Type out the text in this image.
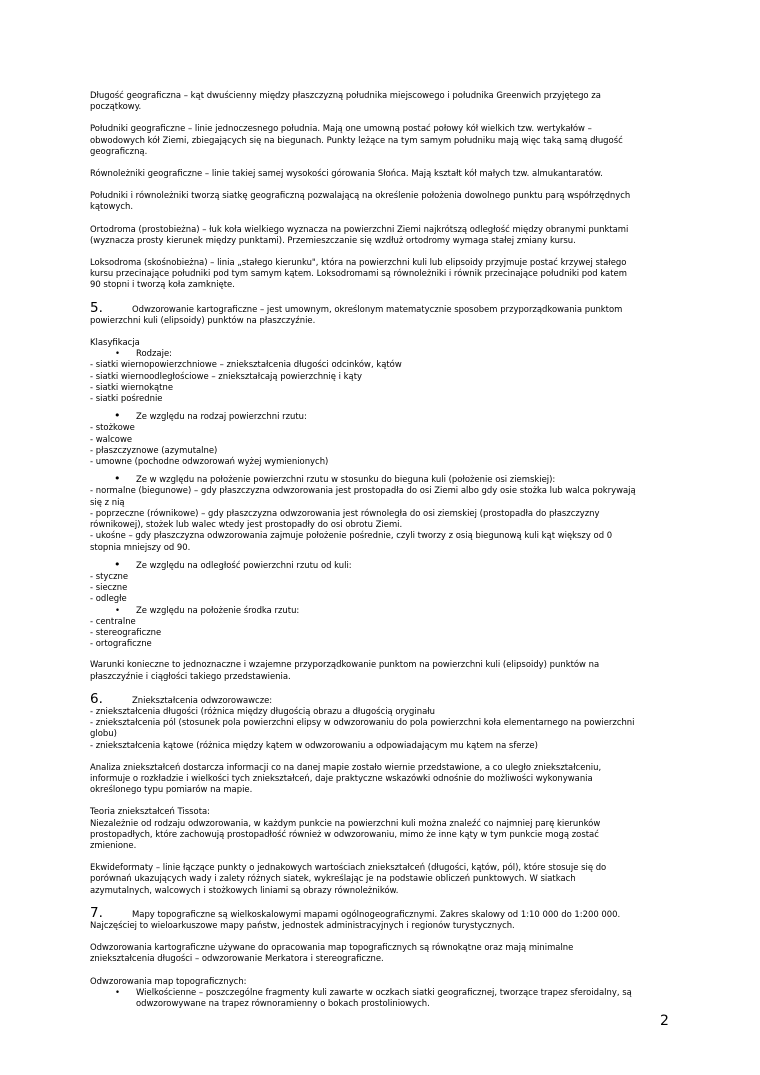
Długość geograficzna – kąt dwuścienny między płaszczyzną południka miejscowego i południka Greenwich przyjętego za
początkowy.
Południki geograficzne – linie jednoczesnego południa. Mają one umowną postać połowy kół wielkich tzw. wertykałów –
obwodowych kół Ziemi, zbiegających się na biegunach. Punkty leżące na tym samym południku mają więc taką samą długość
geograficzną.
Równoleżniki geograficzne – linie takiej samej wysokości górowania Słońca. Mają kształt kół małych tzw. almukantaratów.
Południki i równoleżniki tworzą siatkę geograficzną pozwalającą na określenie położenia dowolnego punktu parą współrzędnych
kątowych.
Ortodroma (prostobieżna) – łuk koła wielkiego wyznacza na powierzchni Ziemi najkrótszą odległość między obranymi punktami
(wyznacza prosty kierunek między punktami). Przemieszczanie się wzdłuż ortodromy wymaga stałej zmiany kursu.
Loksodroma (skośnobieżna) – linia „stałego kierunku", która na powierzchni kuli lub elipsoidy przyjmuje postać krzywej stałego
kursu przecinające południki pod tym samym kątem. Loksodromami są równoleżniki i równik przecinające południki pod katem
90 stopni i tworzą koła zamknięte.
5.	Odwzorowanie kartograficzne – jest umownym, określonym matematycznie sposobem przyporządkowania punktom
powierzchni kuli (elipsoidy) punktów na płaszczyźnie.
Klasyfikacja
• Rodzaje:
- siatki wiernopowierzchniowe – zniekształcenia długości odcinków, kątów
- siatki wiernoodległościowe – zniekształcają powierzchnię i kąty
- siatki wiernokątne
- siatki pośrednie
• Ze względu na rodzaj powierzchni rzutu:
- stożkowe
- walcowe
- płaszczyznowe (azymutalne)
- umowne (pochodne odwzorowań wyżej wymienionych)
• Ze w względu na położenie powierzchni rzutu w stosunku do bieguna kuli (położenie osi ziemskiej):
- normalne (biegunowe) – gdy płaszczyzna odwzorowania jest prostopadła do osi Ziemi albo gdy osie stożka lub walca pokrywają
się z nią
- poprzeczne (równikowe) – gdy płaszczyzna odwzorowania jest równoległa do osi ziemskiej (prostopadła do płaszczyzny
równikowej), stożek lub walec wtedy jest prostopadły do osi obrotu Ziemi.
- ukośne – gdy płaszczyzna odwzorowania zajmuje położenie pośrednie, czyli tworzy z osią biegunową kuli kąt większy od 0
stopnia mniejszy od 90.
• Ze względu na odległość powierzchni rzutu od kuli:
- styczne
- sieczne
- odległe
• Ze względu na położenie środka rzutu:
- centralne
- stereograficzne
- ortograficzne
Warunki konieczne to jednoznaczne i wzajemne przyporządkowanie punktom na powierzchni kuli (elipsoidy) punktów na
płaszczyźnie i ciągłości takiego przedstawienia.
6.	Zniekształcenia odwzorowawcze:
- zniekształcenia długości (różnica między długością obrazu a długością oryginału
- zniekształcenia pól (stosunek pola powierzchni elipsy w odwzorowaniu do pola powierzchni koła elementarnego na powierzchni
globu)
- zniekształcenia kątowe (różnica między kątem w odwzorowaniu a odpowiadającym mu kątem na sferze)
Analiza zniekształceń dostarcza informacji co na danej mapie zostało wiernie przedstawione, a co uległo zniekształceniu,
informuje o rozkładzie i wielkości tych zniekształceń, daje praktyczne wskazówki odnośnie do możliwości wykonywania
określonego typu pomiarów na mapie.
Teoria zniekształceń Tissota:
Niezależnie od rodzaju odwzorowania, w każdym punkcie na powierzchni kuli można znaleźć co najmniej parę kierunków
prostopadłych, które zachowują prostopadłość również w odwzorowaniu, mimo że inne kąty w tym punkcie mogą zostać
zmienione.
Ekwideformaty – linie łączące punkty o jednakowych wartościach zniekształceń (długości, kątów, pól), które stosuje się do
porównań ukazujących wady i zalety różnych siatek, wykreślając je na podstawie obliczeń punktowych. W siatkach
azymutalnych, walcowych i stożkowych liniami są obrazy równoleżników.
7.	Mapy topograficzne są wielkoskalowymi mapami ogólnogeograficznymi. Zakres skalowy od 1:10 000 do 1:200 000.
Najczęściej to wieloarkuszowe mapy państw, jednostek administracyjnych i regionów turystycznych.
Odwzorowania kartograficzne używane do opracowania map topograficznych są równokątne oraz mają minimalne
zniekształcenia długości – odwzorowanie Merkatora i stereograficzne.
Odwzorowania map topograficznych:
• Wielkościenne – poszczególne fragmenty kuli zawarte w oczkach siatki geograficznej, tworzące trapez sferoidalny, są
odwzorowywane na trapez równoramienny o bokach prostoliniowych.
2
